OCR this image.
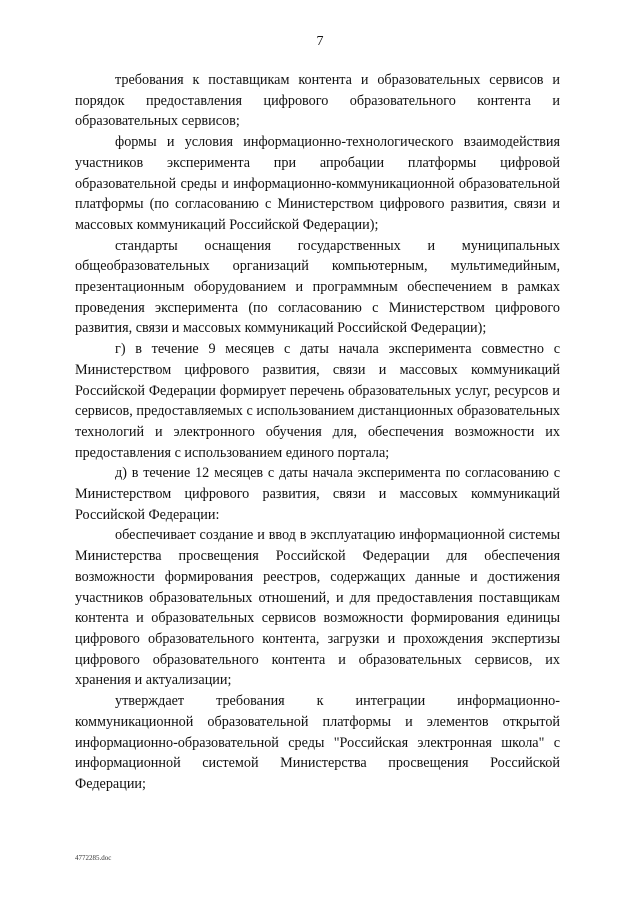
7

требования к поставщикам контента и образовательных сервисов и порядок предоставления цифрового образовательного контента и образовательных сервисов;

формы и условия информационно-технологического взаимодействия участников эксперимента при апробации платформы цифровой образовательной среды и информационно-коммуникационной образовательной платформы (по согласованию с Министерством цифрового развития, связи и массовых коммуникаций Российской Федерации);

стандарты оснащения государственных и муниципальных общеобразовательных организаций компьютерным, мультимедийным, презентационным оборудованием и программным обеспечением в рамках проведения эксперимента (по согласованию с Министерством цифрового развития, связи и массовых коммуникаций Российской Федерации);

г) в течение 9 месяцев с даты начала эксперимента совместно с Министерством цифрового развития, связи и массовых коммуникаций Российской Федерации формирует перечень образовательных услуг, ресурсов и сервисов, предоставляемых с использованием дистанционных образовательных технологий и электронного обучения для, обеспечения возможности их предоставления с использованием единого портала;

д) в течение 12 месяцев с даты начала эксперимента по согласованию с Министерством цифрового развития, связи и массовых коммуникаций Российской Федерации:

обеспечивает создание и ввод в эксплуатацию информационной системы Министерства просвещения Российской Федерации для обеспечения возможности формирования реестров, содержащих данные и достижения участников образовательных отношений, и для предоставления поставщикам контента и образовательных сервисов возможности формирования единицы цифрового образовательного контента, загрузки и прохождения экспертизы цифрового образовательного контента и образовательных сервисов, их хранения и актуализации;

утверждает требования к интеграции информационно-коммуникационной образовательной платформы и элементов открытой информационно-образовательной среды "Российская электронная школа" с информационной системой Министерства просвещения Российской Федерации;

4772285.doc
